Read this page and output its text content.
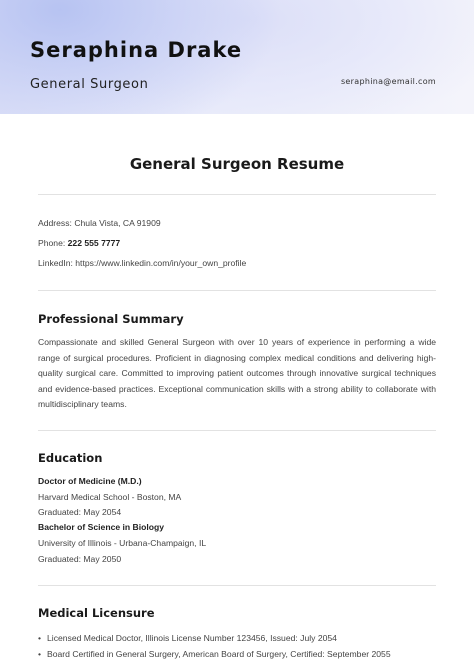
Seraphina Drake
General Surgeon	seraphina@email.com
General Surgeon Resume
Address: Chula Vista, CA 91909
Phone: 222 555 7777
LinkedIn: https://www.linkedin.com/in/your_own_profile
Professional Summary
Compassionate and skilled General Surgeon with over 10 years of experience in performing a wide range of surgical procedures. Proficient in diagnosing complex medical conditions and delivering high-quality surgical care. Committed to improving patient outcomes through innovative surgical techniques and evidence-based practices. Exceptional communication skills with a strong ability to collaborate with multidisciplinary teams.
Education
Doctor of Medicine (M.D.)
Harvard Medical School - Boston, MA
Graduated: May 2054
Bachelor of Science in Biology
University of Illinois - Urbana-Champaign, IL
Graduated: May 2050
Medical Licensure
• Licensed Medical Doctor, Illinois License Number 123456, Issued: July 2054
• Board Certified in General Surgery, American Board of Surgery, Certified: September 2055
